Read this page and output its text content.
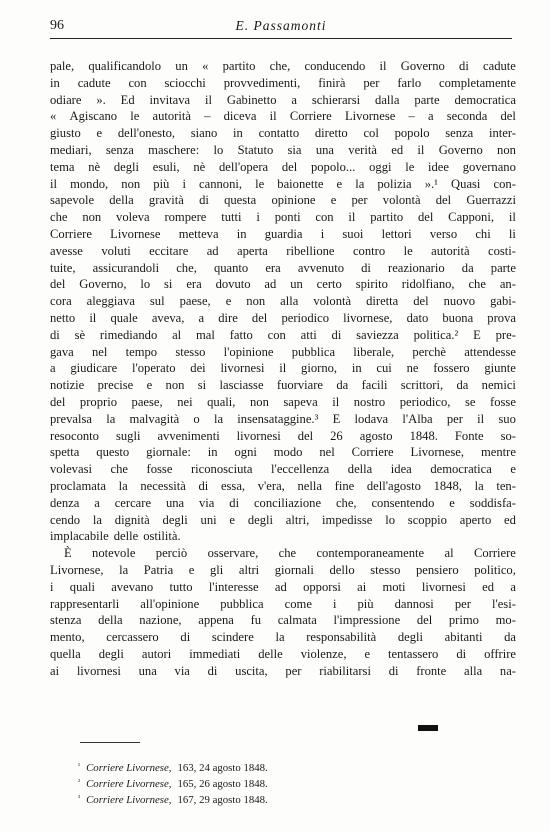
96	E. Passamonti
pale, qualificandolo un « partito che, conducendo il Governo di cadute
in cadute con sciocchi provvedimenti, finirà per farlo completamente
odiare ». Ed invitava il Gabinetto a schierarsi dalla parte democratica
« Agiscano le autorità – diceva il Corriere Livornese – a seconda del
giusto e dell'onesto, siano in contatto diretto col popolo senza inter-
mediari, senza maschere: lo Statuto sia una verità ed il Governo non
tema nè degli esuli, nè dell'opera del popolo... oggi le idee governano
il mondo, non più i cannoni, le baionette e la polizia ».¹ Quasi con-
sapevole della gravità di questa opinione e per volontà del Guerrazzi
che non voleva rompere tutti i ponti con il partito del Capponi, il
Corriere Livornese metteva in guardia i suoi lettori verso chi li
avesse voluti eccitare ad aperta ribellione contro le autorità costi-
tuite, assicurandoli che, quanto era avvenuto di reazionario da parte
del Governo, lo si era dovuto ad un certo spirito ridolfiano, che an-
cora aleggiava sul paese, e non alla volontà diretta del nuovo gabi-
netto il quale aveva, a dire del periodico livornese, dato buona prova
di sè rimediando al mal fatto con atti di saviezza politica.² E pre-
gava nel tempo stesso l'opinione pubblica liberale, perchè attendesse
a giudicare l'operato dei livornesi il giorno, in cui ne fossero giunte
notizie precise e non si lasciasse fuorviare da facili scrittori, da nemici
del proprio paese, nei quali, non sapeva il nostro periodico, se fosse
prevalsa la malvagità o la insensataggine.³ E lodava l'Alba per il suo
resoconto sugli avvenimenti livornesi del 26 agosto 1848. Fonte so-
spetta questo giornale: in ogni modo nel Corriere Livornese, mentre
volevasi che fosse riconosciuta l'eccellenza della idea democratica e
proclamata la necessità di essa, v'era, nella fine dell'agosto 1848, la ten-
denza a cercare una via di conciliazione che, consentendo e soddisfa-
cendo la dignità degli uni e degli altri, impedisse lo scoppio aperto ed
implacabile delle ostilità.
È notevole perciò osservare, che contemporaneamente al Corriere
Livornese, la Patria e gli altri giornali dello stesso pensiero politico,
i quali avevano tutto l'interesse ad opporsi ai moti livornesi ed a
rappresentarli all'opinione pubblica come i più dannosi per l'esi-
stenza della nazione, appena fu calmata l'impressione del primo mo-
mento, cercassero di scindere la responsabilità degli abitanti da
quella degli autori immediati delle violenze, e tentassero di offrire
ai livornesi una via di uscita, per riabilitarsi di fronte alla na-
$^{^1}$ Corriere Livornese, 163, 24 agosto 1848.
$^{^2}$ Corriere Livornese, 165, 26 agosto 1848.
$^{^3}$ Corriere Livornese, 167, 29 agosto 1848.
